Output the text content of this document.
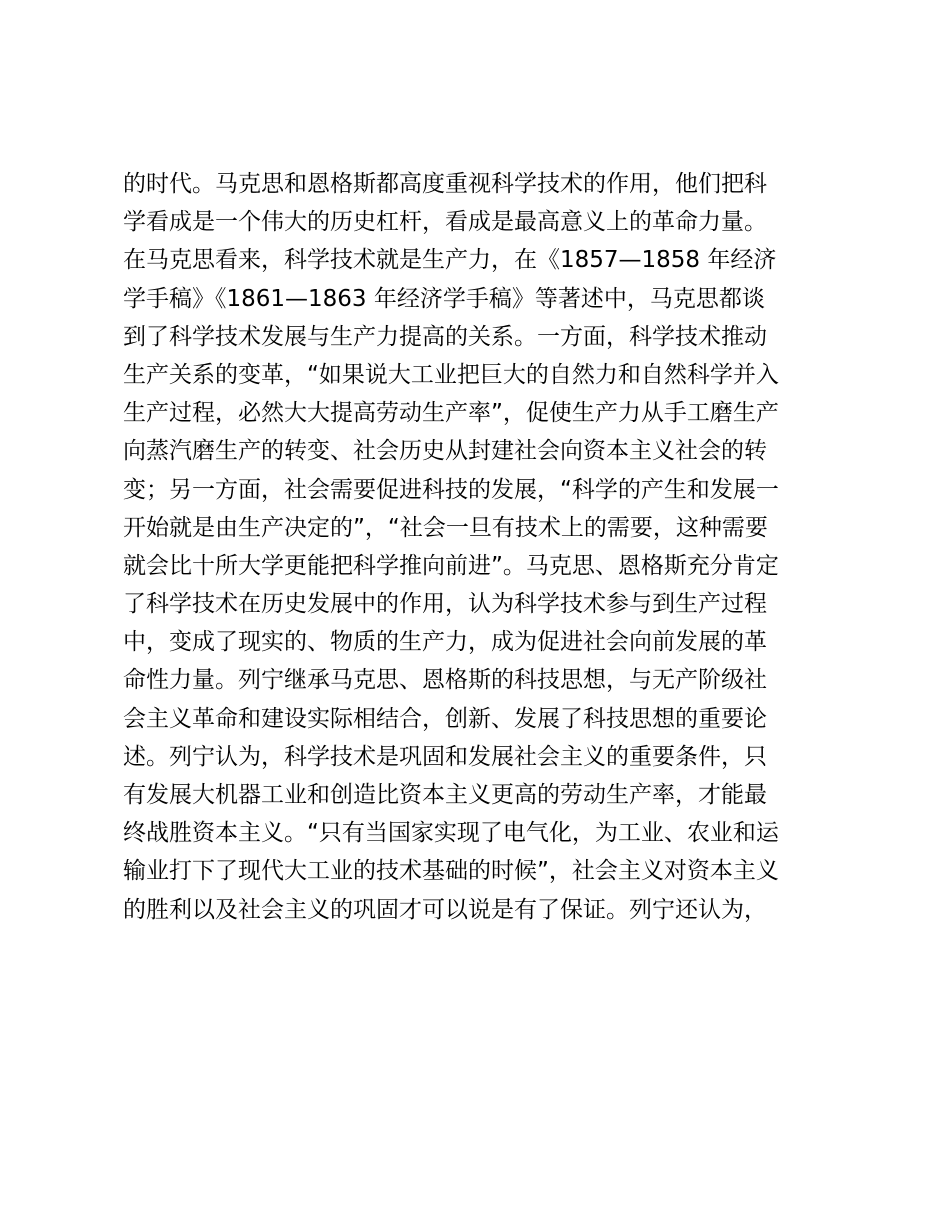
的时代。马克思和恩格斯都高度重视科学技术的作用，他们把科
学看成是一个伟大的历史杠杆，看成是最高意义上的革命力量。
在马克思看来，科学技术就是生产力，在《1857—1858 年经济
学手稿》《1861—1863 年经济学手稿》等著述中，马克思都谈
到了科学技术发展与生产力提高的关系。一方面，科学技术推动
生产关系的变革，“如果说大工业把巨大的自然力和自然科学并入
生产过程，必然大大提高劳动生产率”，促使生产力从手工磨生产
向蒸汽磨生产的转变、社会历史从封建社会向资本主义社会的转
变；另一方面，社会需要促进科技的发展，“科学的产生和发展一
开始就是由生产决定的”，“社会一旦有技术上的需要，这种需要
就会比十所大学更能把科学推向前进”。马克思、恩格斯充分肯定
了科学技术在历史发展中的作用，认为科学技术参与到生产过程
中，变成了现实的、物质的生产力，成为促进社会向前发展的革
命性力量。列宁继承马克思、恩格斯的科技思想，与无产阶级社
会主义革命和建设实际相结合，创新、发展了科技思想的重要论
述。列宁认为，科学技术是巩固和发展社会主义的重要条件，只
有发展大机器工业和创造比资本主义更高的劳动生产率，才能最
终战胜资本主义。“只有当国家实现了电气化，为工业、农业和运
输业打下了现代大工业的技术基础的时候”，社会主义对资本主义
的胜利以及社会主义的巩固才可以说是有了保证。列宁还认为，
